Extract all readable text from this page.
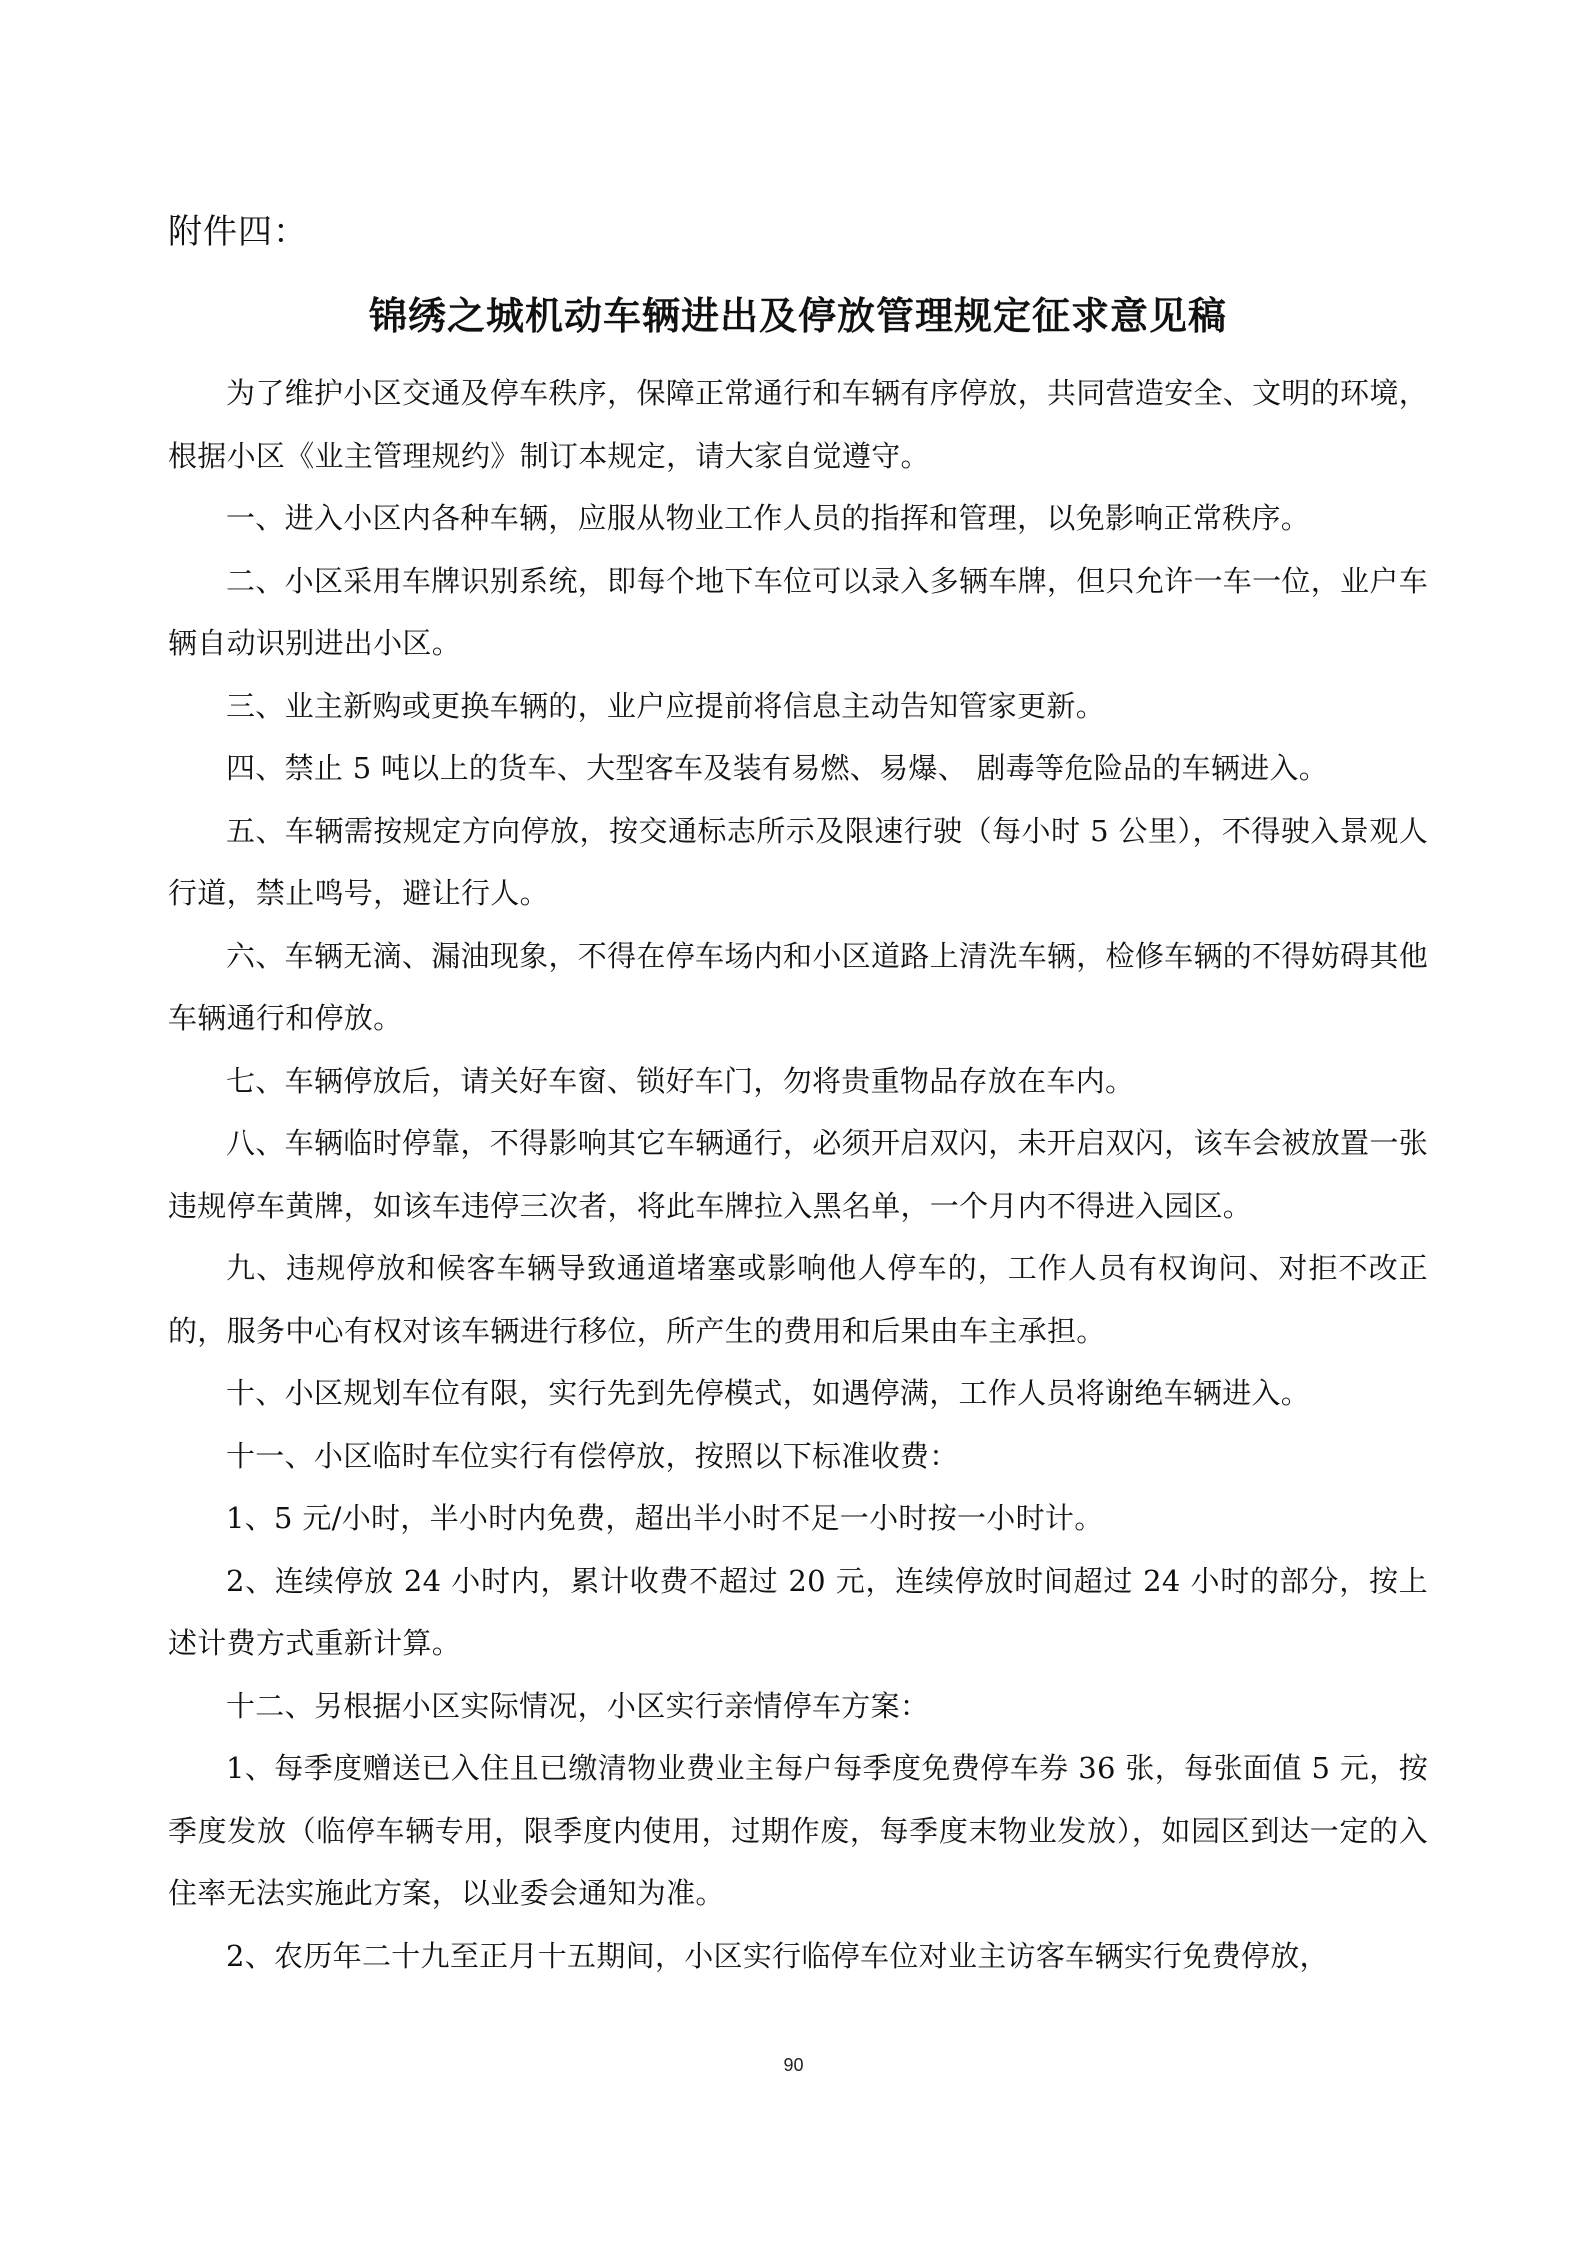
附件四：
锦绣之城机动车辆进出及停放管理规定征求意见稿

为了维护小区交通及停车秩序，保障正常通行和车辆有序停放，共同营造安全、文明的环境，根据小区《业主管理规约》制订本规定，请大家自觉遵守。

一、进入小区内各种车辆，应服从物业工作人员的指挥和管理，以免影响正常秩序。

二、小区采用车牌识别系统，即每个地下车位可以录入多辆车牌，但只允许一车一位，业户车辆自动识别进出小区。

三、业主新购或更换车辆的，业户应提前将信息主动告知管家更新。

四、禁止 5 吨以上的货车、大型客车及装有易燃、易爆、 剧毒等危险品的车辆进入。

五、车辆需按规定方向停放，按交通标志所示及限速行驶（每小时 5 公里），不得驶入景观人行道，禁止鸣号，避让行人。

六、车辆无滴、漏油现象，不得在停车场内和小区道路上清洗车辆，检修车辆的不得妨碍其他车辆通行和停放。

七、车辆停放后，请关好车窗、锁好车门，勿将贵重物品存放在车内。

八、车辆临时停靠，不得影响其它车辆通行，必须开启双闪，未开启双闪，该车会被放置一张违规停车黄牌，如该车违停三次者，将此车牌拉入黑名单，一个月内不得进入园区。

九、违规停放和候客车辆导致通道堵塞或影响他人停车的，工作人员有权询问、对拒不改正的，服务中心有权对该车辆进行移位，所产生的费用和后果由车主承担。

十、小区规划车位有限，实行先到先停模式，如遇停满，工作人员将谢绝车辆进入。

十一、小区临时车位实行有偿停放，按照以下标准收费：

1、5 元/小时，半小时内免费，超出半小时不足一小时按一小时计。

2、连续停放 24 小时内，累计收费不超过 20 元，连续停放时间超过 24 小时的部分，按上述计费方式重新计算。

十二、另根据小区实际情况，小区实行亲情停车方案：

1、每季度赠送已入住且已缴清物业费业主每户每季度免费停车券 36 张，每张面值 5 元，按季度发放（临停车辆专用，限季度内使用，过期作废，每季度末物业发放），如园区到达一定的入住率无法实施此方案，以业委会通知为准。

2、农历年二十九至正月十五期间，小区实行临停车位对业主访客车辆实行免费停放，

90
